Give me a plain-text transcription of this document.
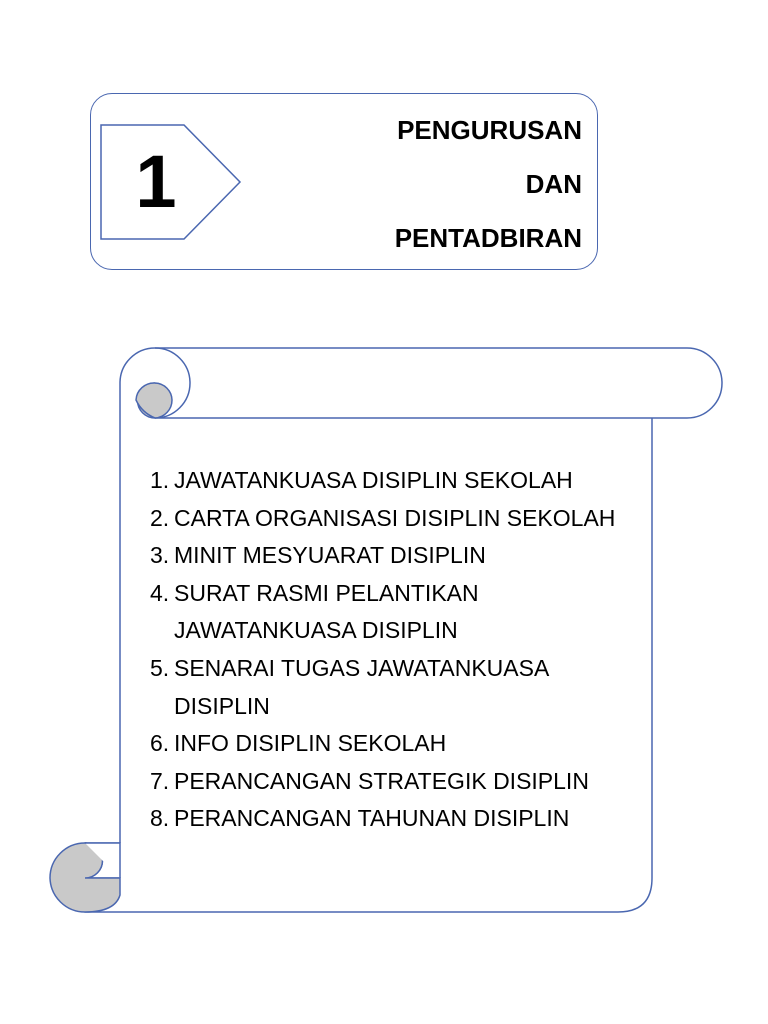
1
PENGURUSAN
DAN
PENTADBIRAN
1. JAWATANKUASA DISIPLIN SEKOLAH
2. CARTA ORGANISASI DISIPLIN SEKOLAH
3. MINIT MESYUARAT DISIPLIN
4. SURAT RASMI PELANTIKAN JAWATANKUASA DISIPLIN
5. SENARAI TUGAS JAWATANKUASA DISIPLIN
6. INFO DISIPLIN SEKOLAH
7. PERANCANGAN STRATEGIK DISIPLIN
8. PERANCANGAN TAHUNAN DISIPLIN
